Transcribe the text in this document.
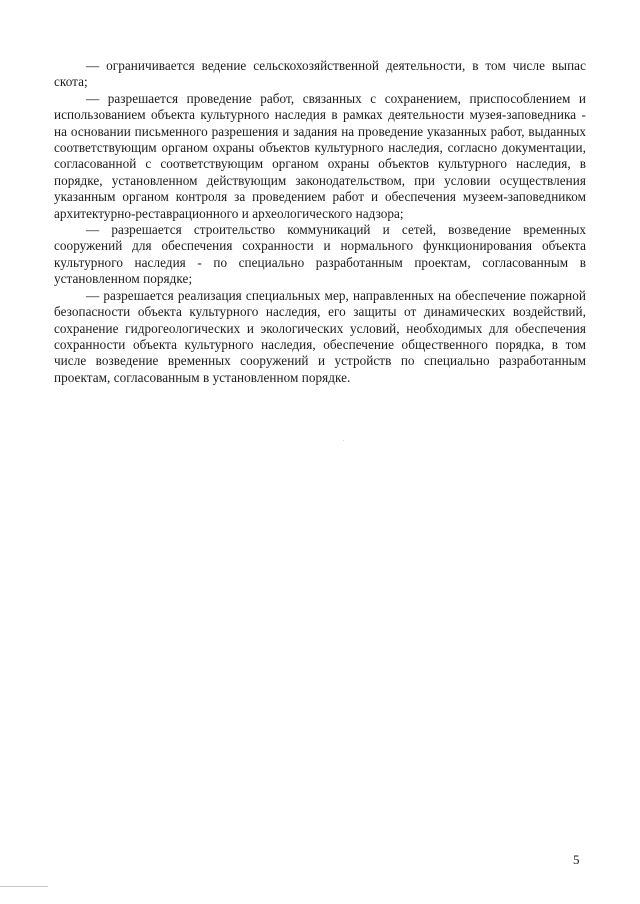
— ограничивается ведение сельскохозяйственной деятельности, в том числе выпас скота;

— разрешается проведение работ, связанных с сохранением, приспособлением и использованием объекта культурного наследия в рамках деятельности музея-заповедника - на основании письменного разрешения и задания на проведение указанных работ, выданных соответствующим органом охраны объектов культурного наследия, согласно документации, согласованной с соответствующим органом охраны объектов культурного наследия, в порядке, установленном действующим законодательством, при условии осуществления указанным органом контроля за проведением работ и обеспечения музеем-заповедником архитектурно-реставрационного и археологического надзора;

— разрешается строительство коммуникаций и сетей, возведение временных сооружений для обеспечения сохранности и нормального функционирования объекта культурного наследия - по специально разработанным проектам, согласованным в установленном порядке;

— разрешается реализация специальных мер, направленных на обеспечение пожарной безопасности объекта культурного наследия, его защиты от динамических воздействий, сохранение гидрогеологических и экологических условий, необходимых для обеспечения сохранности объекта культурного наследия, обеспечение общественного порядка, в том числе возведение временных сооружений и устройств по специально разработанным проектам, согласованным в установленном порядке.

5
